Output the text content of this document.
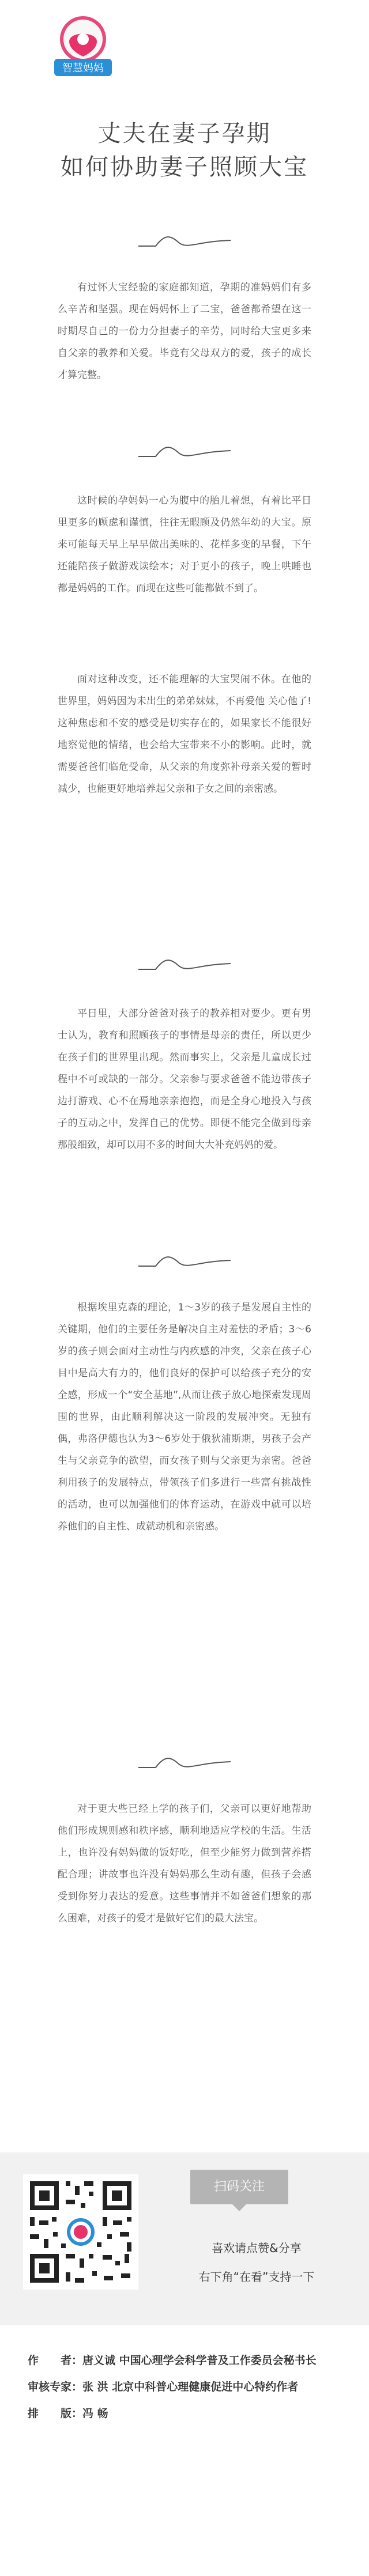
智慧妈妈
丈夫在妻子孕期
如何协助妻子照顾大宝

有过怀大宝经验的家庭都知道，孕期的准妈妈们有多么辛苦和坚强。现在妈妈怀上了二宝，爸爸都希望在这一时期尽自己的一份力分担妻子的辛劳，同时给大宝更多来自父亲的教养和关爱。毕竟有父母双方的爱，孩子的成长才算完整。

这时候的孕妈妈一心为腹中的胎儿着想，有着比平日里更多的顾虑和谨慎，往往无暇顾及仍然年幼的大宝。原来可能每天早上早早做出美味的、花样多变的早餐，下午还能陪孩子做游戏读绘本；对于更小的孩子，晚上哄睡也都是妈妈的工作。而现在这些可能都做不到了。

面对这种改变，还不能理解的大宝哭闹不休。在他的世界里，妈妈因为未出生的弟弟妹妹，不再爱他 关心他了!这种焦虑和不安的感受是切实存在的，如果家长不能很好地察觉他的情绪，也会给大宝带来不小的影响。此时，就需要爸爸们临危受命，从父亲的角度弥补母亲关爱的暂时减少，也能更好地培养起父亲和子女之间的亲密感。

平日里，大部分爸爸对孩子的教养相对要少。更有男士认为，教育和照顾孩子的事情是母亲的责任，所以更少在孩子们的世界里出现。然而事实上，父亲是儿童成长过程中不可或缺的一部分。父亲参与要求爸爸不能边带孩子边打游戏、心不在焉地亲亲抱抱，而是全身心地投入与孩子的互动之中，发挥自己的优势。即便不能完全做到母亲那般细致，却可以用不多的时间大大补充妈妈的爱。

根据埃里克森的理论，1～3岁的孩子是发展自主性的关键期，他们的主要任务是解决自主对羞怯的矛盾；3～6岁的孩子则会面对主动性与内疚感的冲突，父亲在孩子心目中是高大有力的，他们良好的保护可以给孩子充分的安全感，形成一个“安全基地”,从而让孩子放心地探索发现周围的世界，由此顺利解决这一阶段的发展冲突。无独有偶，弗洛伊德也认为3～6岁处于俄狄浦斯期，男孩子会产生与父亲竞争的欲望，而女孩子则与父亲更为亲密。爸爸利用孩子的发展特点，带领孩子们多进行一些富有挑战性的活动，也可以加强他们的体育运动，在游戏中就可以培养他们的自主性、成就动机和亲密感。

对于更大些已经上学的孩子们，父亲可以更好地帮助他们形成规则感和秩序感，顺利地适应学校的生活。生活上，也许没有妈妈做的饭好吃，但至少能努力做到营养搭配合理；讲故事也许没有妈妈那么生动有趣，但孩子会感受到你努力表达的爱意。这些事情并不如爸爸们想象的那么困难，对孩子的爱才是做好它们的最大法宝。

扫码关注
喜欢请点赞&分享
右下角“在看”支持一下
作　　者：唐义诚 中国心理学会科学普及工作委员会秘书长
审核专家：张 洪 北京中科普心理健康促进中心特约作者
排　　版：冯 畅
